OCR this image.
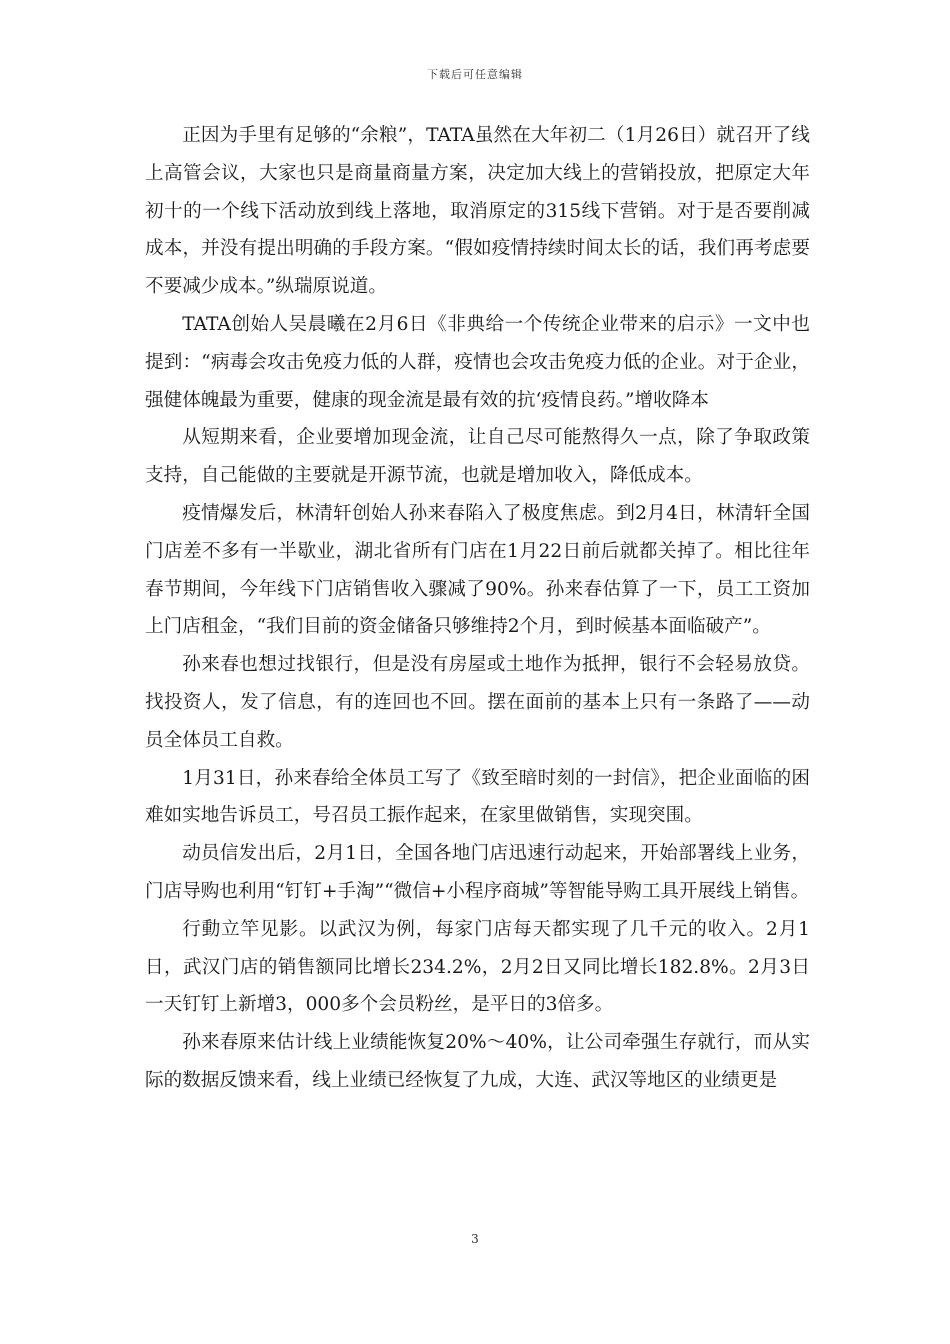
下载后可任意编辑

正因为手里有足够的“余粮”，TATA虽然在大年初二（1月26日）就召开了线上高管会议，大家也只是商量商量方案，决定加大线上的营销投放，把原定大年初十的一个线下活动放到线上落地，取消原定的315线下营销。对于是否要削减成本，并没有提出明确的手段方案。“假如疫情持续时间太长的话，我们再考虑要不要减少成本。”纵瑞原说道。

TATA创始人吴晨曦在2月6日《非典给一个传统企业带来的启示》一文中也提到：“病毒会攻击免疫力低的人群，疫情也会攻击免疫力低的企业。对于企业，强健体魄最为重要，健康的现金流是最有效的抗‘疫情良药。”增收降本

从短期来看，企业要增加现金流，让自己尽可能熬得久一点，除了争取政策支持，自己能做的主要就是开源节流，也就是增加收入，降低成本。

疫情爆发后，林清轩创始人孙来春陷入了极度焦虑。到2月4日，林清轩全国门店差不多有一半歇业，湖北省所有门店在1月22日前后就都关掉了。相比往年春节期间，今年线下门店销售收入骤减了90%。孙来春估算了一下，员工工资加上门店租金，“我们目前的资金储备只够维持2个月，到时候基本面临破产”。

孙来春也想过找银行，但是没有房屋或土地作为抵押，银行不会轻易放贷。找投资人，发了信息，有的连回也不回。摆在面前的基本上只有一条路了——动员全体员工自救。

1月31日，孙来春给全体员工写了《致至暗时刻的一封信》，把企业面临的困难如实地告诉员工，号召员工振作起来，在家里做销售，实现突围。

动员信发出后，2月1日，全国各地门店迅速行动起来，开始部署线上业务，门店导购也利用“钉钉+手淘”“微信+小程序商城”等智能导购工具开展线上销售。

行動立竿见影。以武汉为例，每家门店每天都实现了几千元的收入。2月1日，武汉门店的销售额同比增长234.2%，2月2日又同比增长182.8%。2月3日一天钉钉上新增3，000多个会员粉丝，是平日的3倍多。

孙来春原来估计线上业绩能恢复20%～40%，让公司牵强生存就行，而从实际的数据反馈来看，线上业绩已经恢复了九成，大连、武汉等地区的业绩更是

3
